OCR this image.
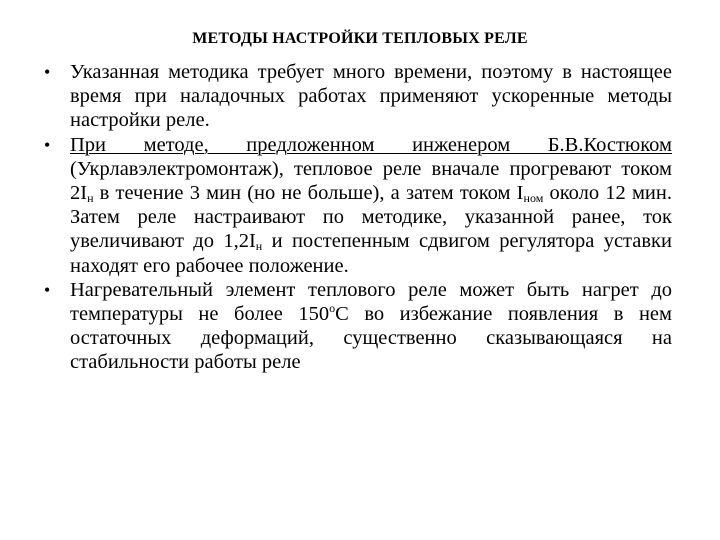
МЕТОДЫ НАСТРОЙКИ ТЕПЛОВЫХ РЕЛЕ
• Указанная методика требует много времени, поэтому в настоящее время при наладочных работах применяют ускоренные методы настройки реле.
• При методе, предложенном инженером Б.В.Костюком (Укрлавэлектромонтаж), тепловое реле вначале прогревают током $2I_н$ в течение 3 мин (но не больше), а затем током $I_{ном}$ около 12 мин. Затем реле настраивают по методике, указанной ранее, ток увеличивают до $1,2I_н$ и постепенным сдвигом регулятора уставки находят его рабочее положение.
• Нагревательный элемент теплового реле может быть нагрет до температуры не более $150^оС$ во избежание появления в нем остаточных деформаций, существенно сказывающаяся на стабильности работы реле
